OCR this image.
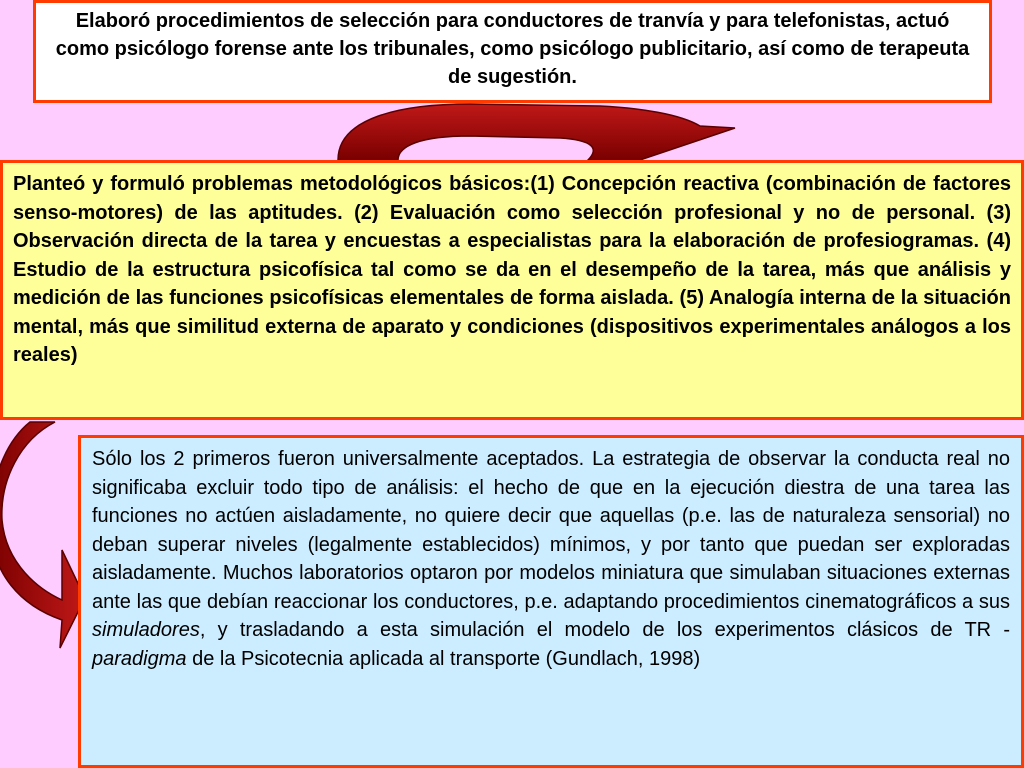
Elaboró procedimientos de selección para conductores de tranvía y para telefonistas, actuó como psicólogo forense ante los tribunales, como psicólogo publicitario, así como de terapeuta de sugestión.
Planteó y formuló problemas metodológicos básicos:(1) Concepción reactiva (combinación de factores senso-motores) de las aptitudes. (2) Evaluación como selección profesional y no de personal. (3) Observación directa de la tarea y encuestas a especialistas para la elaboración de profesiogramas. (4) Estudio de la estructura psicofísica tal como se da en el desempeño de la tarea, más que análisis y medición de las funciones psicofísicas elementales de forma aislada. (5) Analogía interna de la situación mental, más que similitud externa de aparato y condiciones (dispositivos experimentales análogos a los reales)
Sólo los 2 primeros fueron universalmente aceptados. La estrategia de observar la conducta real no significaba excluir todo tipo de análisis: el hecho de que en la ejecución diestra de una tarea las funciones no actúen aisladamente, no quiere decir que aquellas (p.e. las de naturaleza sensorial) no deban superar niveles (legalmente establecidos) mínimos, y por tanto que puedan ser exploradas aisladamente. Muchos laboratorios optaron por modelos miniatura que simulaban situaciones externas ante las que debían reaccionar los conductores, p.e. adaptando procedimientos cinematográficos a sus simuladores, y trasladando a esta simulación el modelo de los experimentos clásicos de TR - paradigma de la Psicotecnia aplicada al transporte (Gundlach, 1998)
